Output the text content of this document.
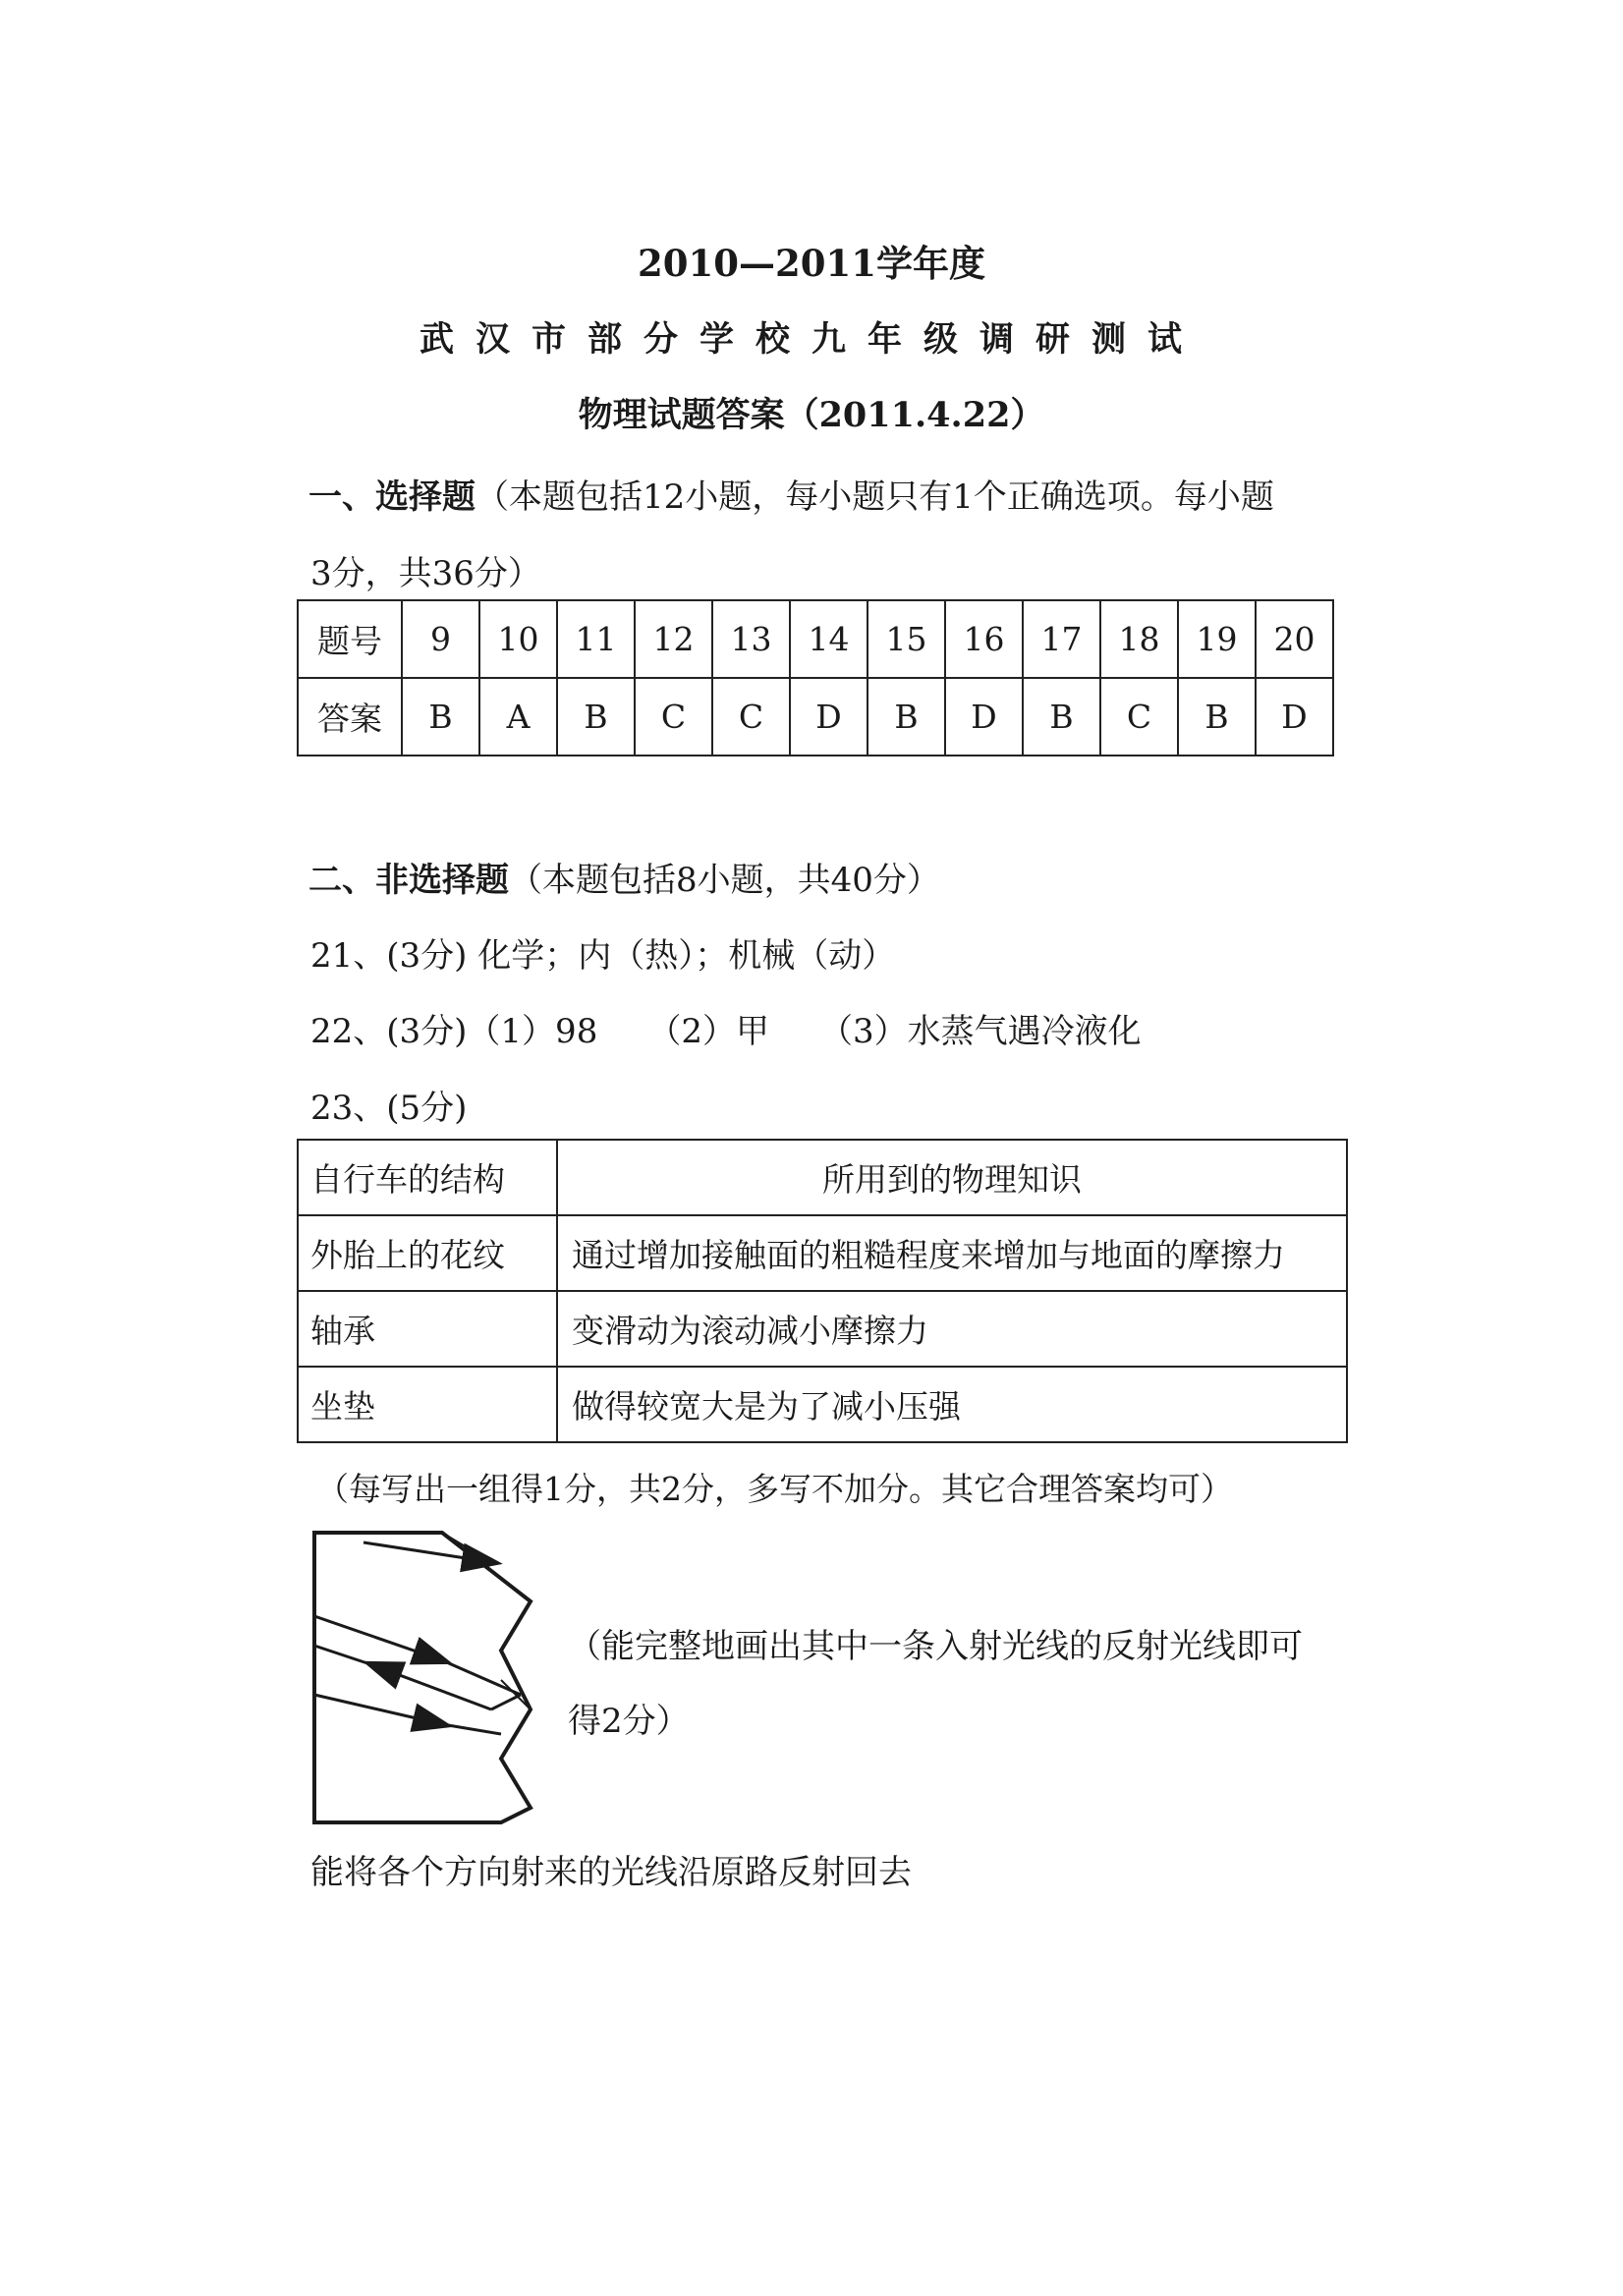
2010—2011学年度
武汉市部分学校九年级调研测试
物理试题答案（2011.4.22）
一、选择题（本题包括12小题，每小题只有1个正确选项。每小题
3分，共36分）
题号	9	10	11	12	13	14	15	16	17	18	19	20
答案	B	A	B	C	C	D	B	D	B	C	B	D
二、非选择题（本题包括8小题，共40分）
21、(3分) 化学；内（热）；机械（动）
22、(3分)（1）98　　（2）甲　　（3）水蒸气遇冷液化
23、(5分)
自行车的结构	所用到的物理知识
外胎上的花纹	通过增加接触面的粗糙程度来增加与地面的摩擦力
轴承	变滑动为滚动减小摩擦力
坐垫	做得较宽大是为了减小压强
（每写出一组得1分，共2分，多写不加分。其它合理答案均可）
（能完整地画出其中一条入射光线的反射光线即可
得2分）
能将各个方向射来的光线沿原路反射回去
